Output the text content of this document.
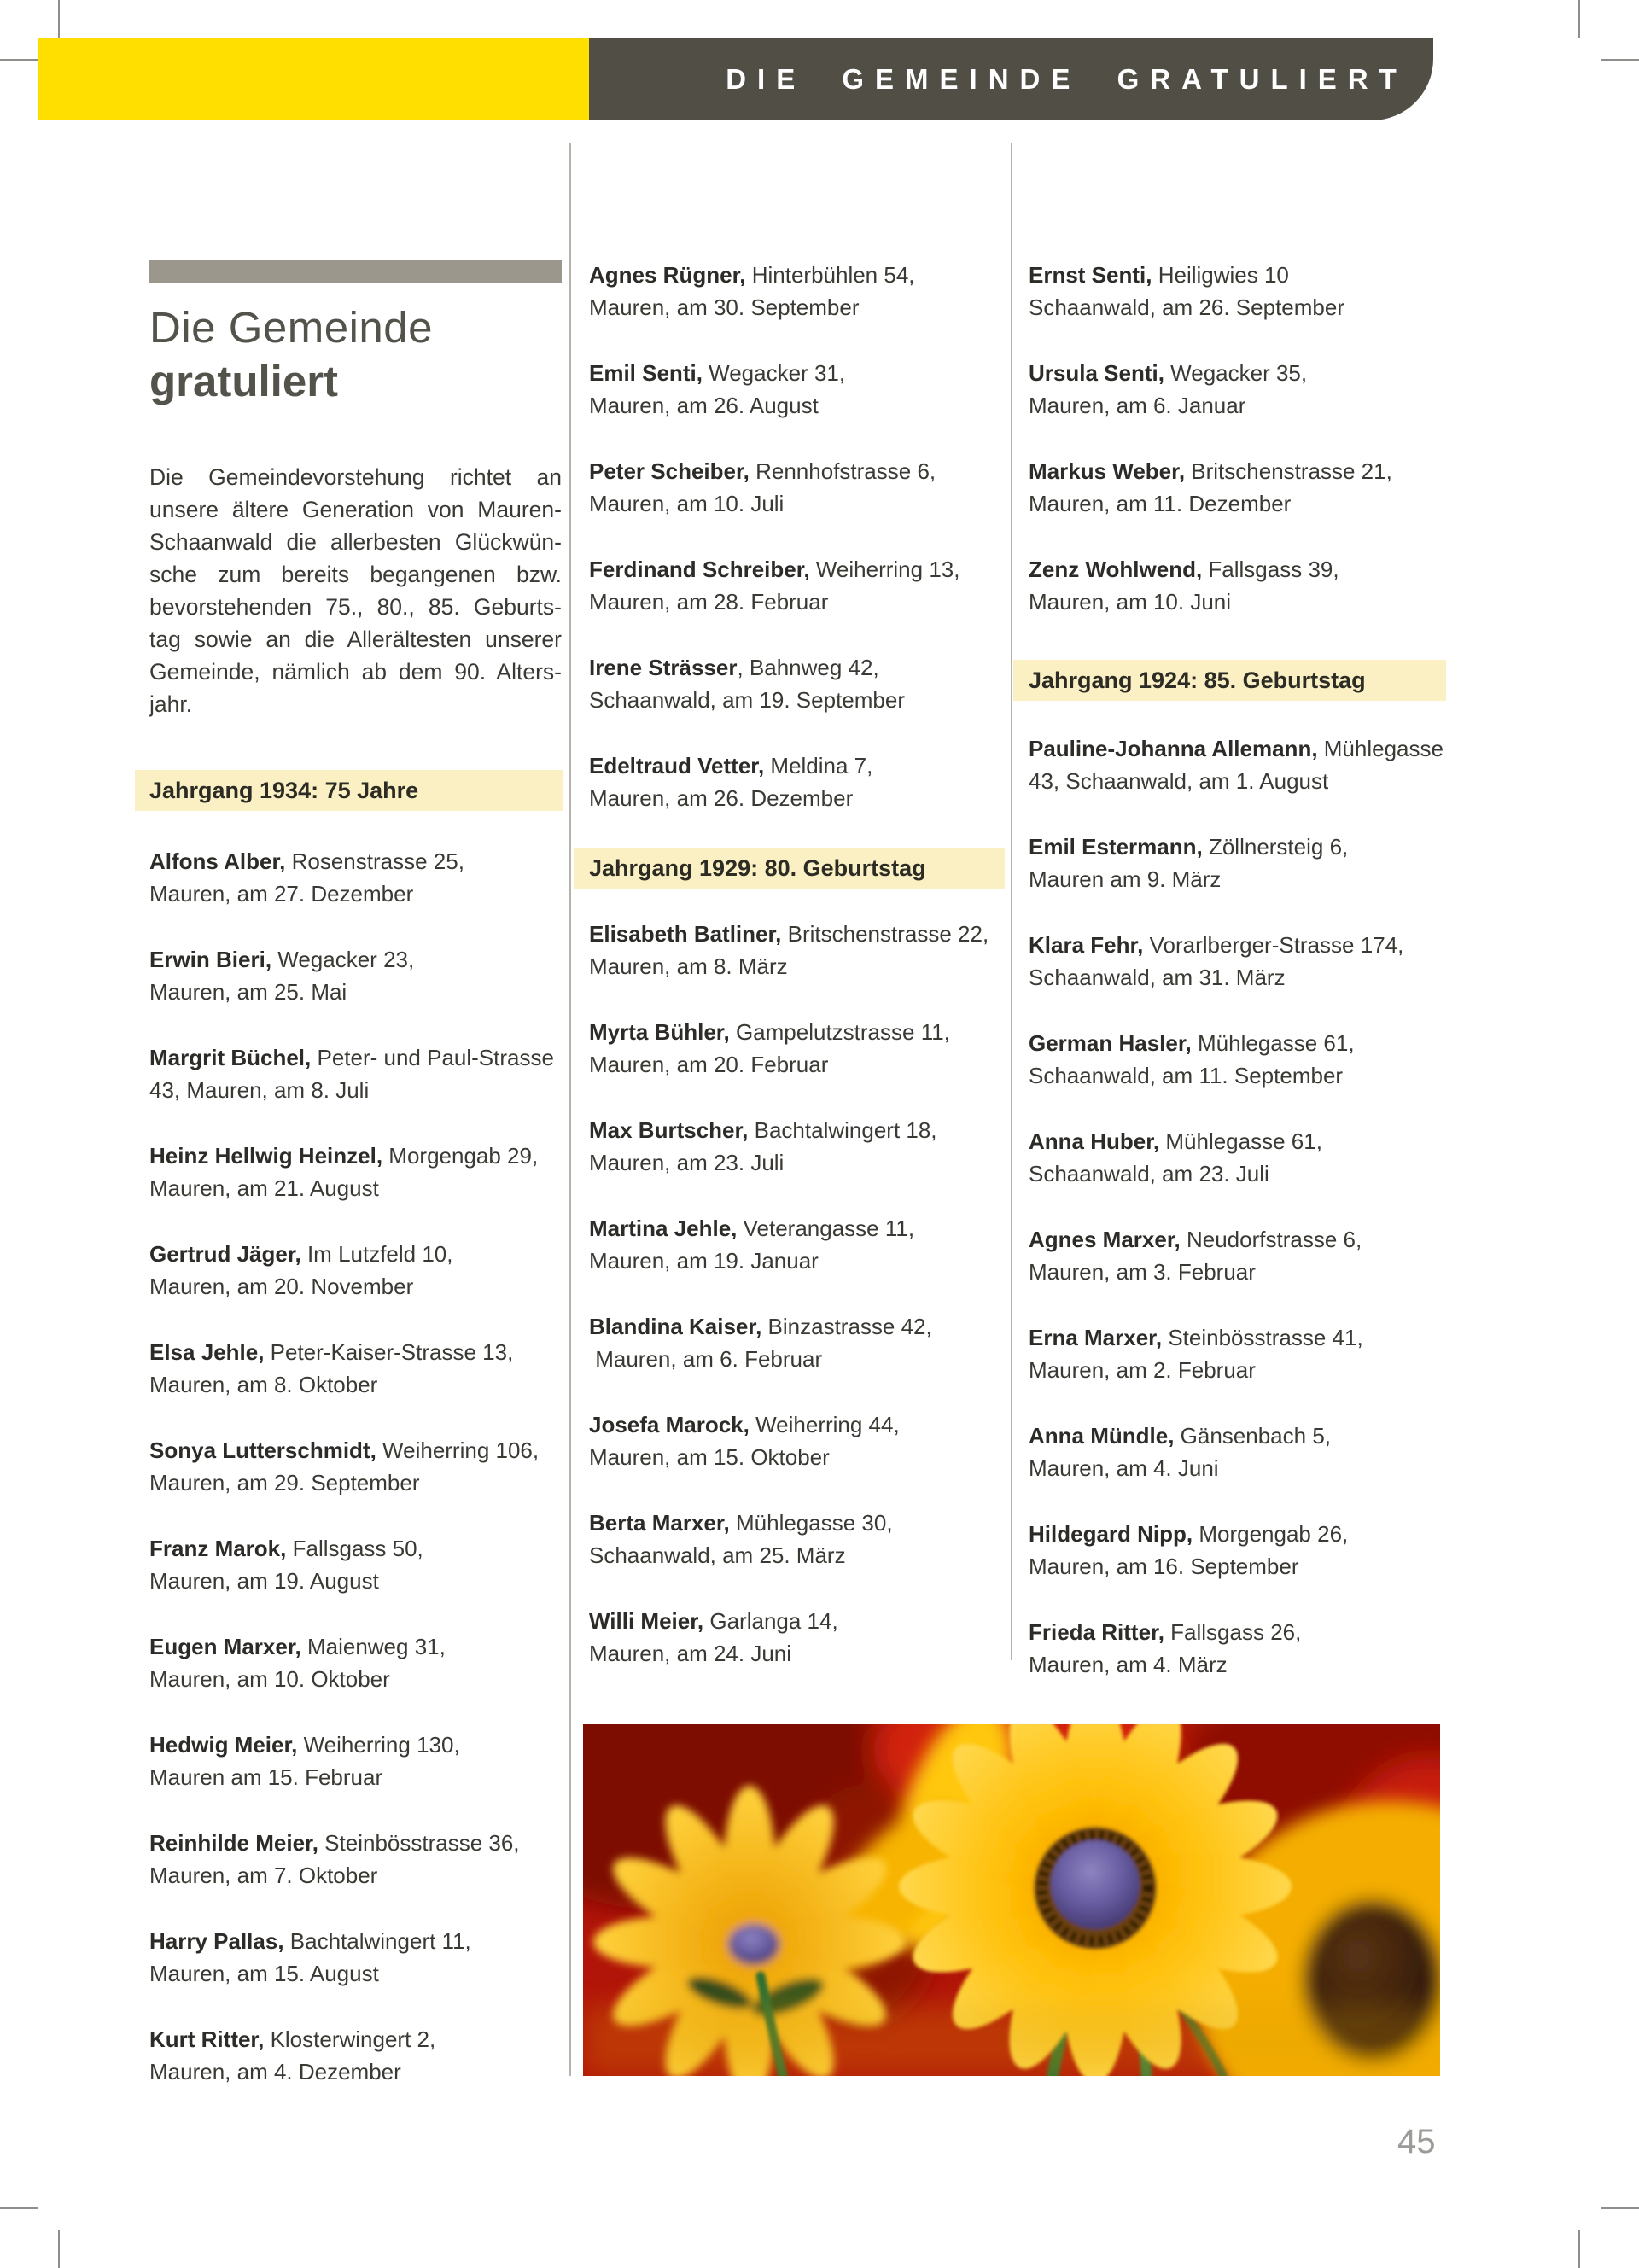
DIE GEMEINDE GRATULIERT
Die Gemeinde
gratuliert
Die Gemeindevorstehung richtet an
unsere ältere Generation von Mauren-
Schaanwald die allerbesten Glückwün-
sche zum bereits begangenen bzw.
bevorstehenden 75., 80., 85. Geburts-
tag sowie an die Allerältesten unserer
Gemeinde, nämlich ab dem 90. Alters-
jahr.
Jahrgang 1934: 75 Jahre
Alfons Alber, Rosenstrasse 25,
Mauren, am 27. Dezember
Erwin Bieri, Wegacker 23,
Mauren, am 25. Mai
Margrit Büchel, Peter- und Paul-Strasse
43, Mauren, am 8. Juli
Heinz Hellwig Heinzel, Morgengab 29,
Mauren, am 21. August
Gertrud Jäger, Im Lutzfeld 10,
Mauren, am 20. November
Elsa Jehle, Peter-Kaiser-Strasse 13,
Mauren, am 8. Oktober
Sonya Lutterschmidt, Weiherring 106,
Mauren, am 29. September
Franz Marok, Fallsgass 50,
Mauren, am 19. August
Eugen Marxer, Maienweg 31,
Mauren, am 10. Oktober
Hedwig Meier, Weiherring 130,
Mauren am 15. Februar
Reinhilde Meier, Steinbösstrasse 36,
Mauren, am 7. Oktober
Harry Pallas, Bachtalwingert 11,
Mauren, am 15. August
Kurt Ritter, Klosterwingert 2,
Mauren, am 4. Dezember
Agnes Rügner, Hinterbühlen 54,
Mauren, am 30. September
Emil Senti, Wegacker 31,
Mauren, am 26. August
Peter Scheiber, Rennhofstrasse 6,
Mauren, am 10. Juli
Ferdinand Schreiber, Weiherring 13,
Mauren, am 28. Februar
Irene Strässer, Bahnweg 42,
Schaanwald, am 19. September
Edeltraud Vetter, Meldina 7,
Mauren, am 26. Dezember
Jahrgang 1929: 80. Geburtstag
Elisabeth Batliner, Britschenstrasse 22,
Mauren, am 8. März
Myrta Bühler, Gampelutzstrasse 11,
Mauren, am 20. Februar
Max Burtscher, Bachtalwingert 18,
Mauren, am 23. Juli
Martina Jehle, Veterangasse 11,
Mauren, am 19. Januar
Blandina Kaiser, Binzastrasse 42,
Mauren, am 6. Februar
Josefa Marock, Weiherring 44,
Mauren, am 15. Oktober
Berta Marxer, Mühlegasse 30,
Schaanwald, am 25. März
Willi Meier, Garlanga 14,
Mauren, am 24. Juni
Ernst Senti, Heiligwies 10
Schaanwald, am 26. September
Ursula Senti, Wegacker 35,
Mauren, am 6. Januar
Markus Weber, Britschenstrasse 21,
Mauren, am 11. Dezember
Zenz Wohlwend, Fallsgass 39,
Mauren, am 10. Juni
Jahrgang 1924: 85. Geburtstag
Pauline-Johanna Allemann, Mühlegasse
43, Schaanwald, am 1. August
Emil Estermann, Zöllnersteig 6,
Mauren am 9. März
Klara Fehr, Vorarlberger-Strasse 174,
Schaanwald, am 31. März
German Hasler, Mühlegasse 61,
Schaanwald, am 11. September
Anna Huber, Mühlegasse 61,
Schaanwald, am 23. Juli
Agnes Marxer, Neudorfstrasse 6,
Mauren, am 3. Februar
Erna Marxer, Steinbösstrasse 41,
Mauren, am 2. Februar
Anna Mündle, Gänsenbach 5,
Mauren, am 4. Juni
Hildegard Nipp, Morgengab 26,
Mauren, am 16. September
Frieda Ritter, Fallsgass 26,
Mauren, am 4. März
45
